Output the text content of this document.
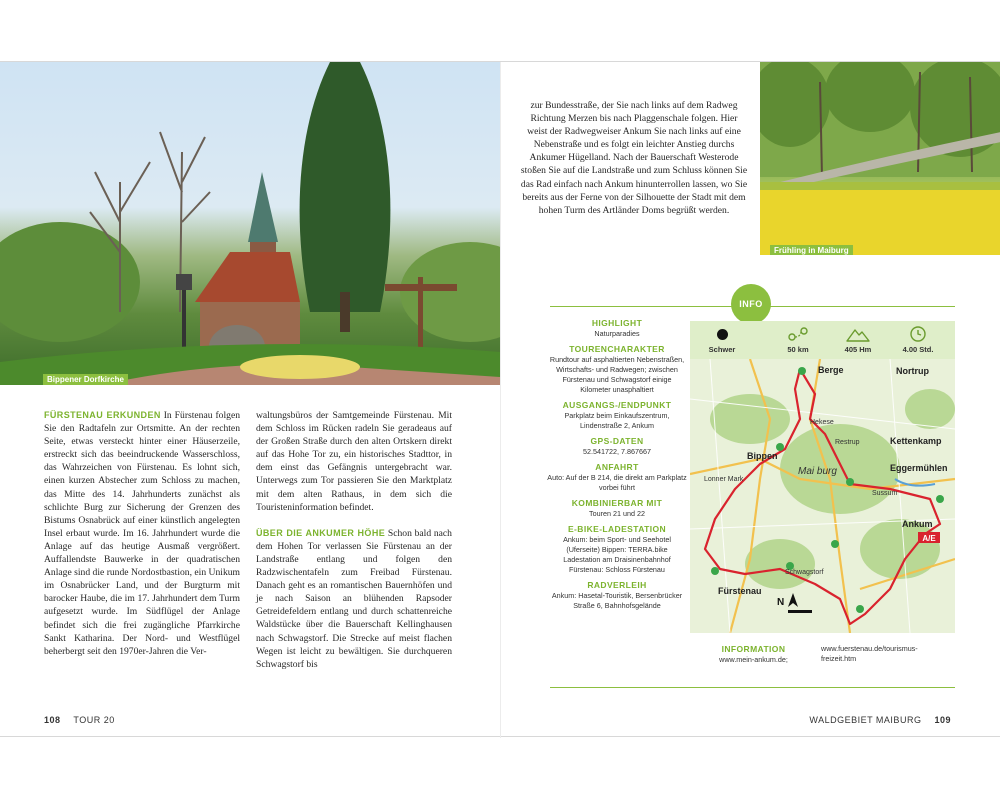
Bippener Dorfkirche
FÜRSTENAU ERKUNDEN In Fürstenau folgen Sie den Radtafeln zur Ortsmitte. An der rechten Seite, etwas versteckt hinter einer Häuserzeile, erstreckt sich das beeindruckende Wasserschloss, das Wahrzeichen von Fürstenau. Es lohnt sich, einen kurzen Abstecher zum Schloss zu machen, das Mitte des 14. Jahrhunderts zunächst als schlichte Burg zur Sicherung der Grenzen des Bistums Osnabrück auf einer künstlich angelegten Insel erbaut wurde. Im 16. Jahrhundert wurde die Anlage auf das heutige Ausmaß vergrößert. Auffallendste Bauwerke in der quadratischen Anlage sind die runde Nordostbastion, ein Unikum im Osnabrücker Land, und der Burgturm mit barocker Haube, die im 17. Jahrhundert dem Turm aufgesetzt wurde. Im Südflügel der Anlage befindet sich die frei zugängliche Pfarrkirche Sankt Katharina. Der Nord- und Westflügel beherbergt seit den 1970er-Jahren die Ver-

waltungsbüros der Samtgemeinde Fürstenau. Mit dem Schloss im Rücken radeln Sie geradeaus auf der Großen Straße durch den alten Ortskern direkt auf das Hohe Tor zu, ein historisches Stadttor, in dem einst das Gefängnis untergebracht war. Unterwegs zum Tor passieren Sie den Marktplatz mit dem alten Rathaus, in dem sich die Touristeninformation befindet.

ÜBER DIE ANKUMER HÖHE Schon bald nach dem Hohen Tor verlassen Sie Fürstenau an der Landstraße entlang und folgen den Radzwischentafeln zum Freibad Fürstenau. Danach geht es an romantischen Bauernhöfen und je nach Saison an blühenden Rapsoder Getreidefeldern entlang und durch schattenreiche Waldstücke über die Bauerschaft Kellinghausen nach Schwagstorf. Die Strecke auf meist flachen Wegen ist leicht zu bewältigen. Sie durchqueren Schwagstorf bis

108 TOUR 20
zur Bundesstraße, der Sie nach links auf dem Radweg Richtung Merzen bis nach Plaggenschale folgen. Hier weist der Radwegweiser Ankum Sie nach links auf eine Nebenstraße und es folgt ein leichter Anstieg durchs Ankumer Hügelland. Nach der Bauerschaft Westerode stoßen Sie auf die Landstraße und zum Schluss können Sie das Rad einfach nach Ankum hinunterrollen lassen, wo Sie bereits aus der Ferne von der Silhouette der Stadt mit dem hohen Turm des Artländer Doms begrüßt werden.
Frühling in Maiburg
INFO
HIGHLIGHT
Naturparadies
TOURENCHARAKTER
Rundtour auf asphaltierten Nebenstraßen, Wirtschafts- und Radwegen; zwischen Fürstenau und Schwagstorf einige Kilometer unasphaltiert
AUSGANGS-/ENDPUNKT
Parkplatz beim Einkaufszentrum, Lindenstraße 2, Ankum
GPS-DATEN
52.541722, 7.867667
ANFAHRT
Auto: Auf der B 214, die direkt am Parkplatz vorbei führt
KOMBINIERBAR MIT
Touren 21 und 22
E-BIKE-LADESTATION
Ankum: beim Sport- und Seehotel (Uferseite) Bippen: TERRA.bike Ladestation am Draisinenbahnhof Fürstenau: Schloss Fürstenau
RADVERLEIH
Ankum: Hasetal-Touristik, Bersenbrücker Straße 6, Bahnhofsgelände
Schwer	50 km	405 Hm	4.00 Std.
Berge	Nortrup
Bippen
Kettenkamp
Eggermühlen
Ankum
Fürstenau
Lonner Mark
Schwagstorf
Sussum
Hekese
Restrup
Mai burg
A/E
N
INFORMATION
www.mein-ankum.de;
www.fuerstenau.de/tourismus-freizeit.htm
WALDGEBIET MAIBURG 109
